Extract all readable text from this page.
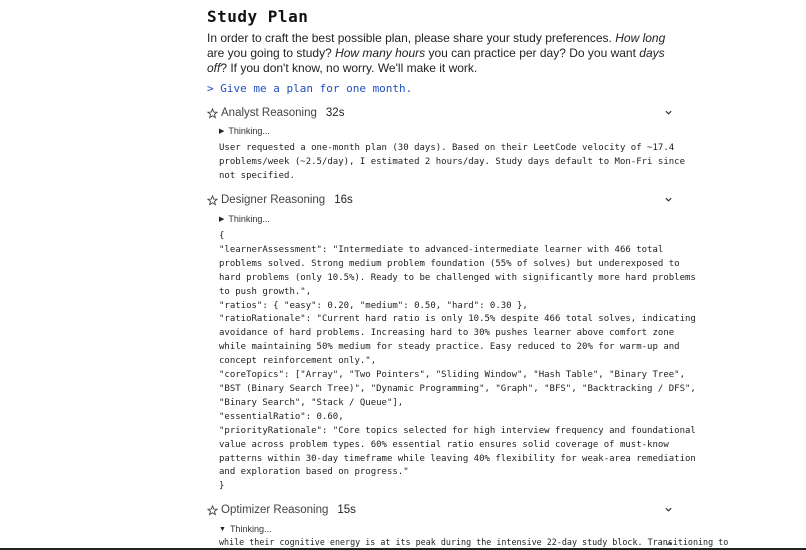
Study Plan
In order to craft the best possible plan, please share your study preferences. How long are you going to study? How many hours you can practice per day? Do you want days off? If you don't know, no worry. We'll make it work.
> Give me a plan for one month.
Analyst Reasoning 32s
▶ Thinking...
User requested a one-month plan (30 days). Based on their LeetCode velocity of ~17.4
problems/week (~2.5/day), I estimated 2 hours/day. Study days default to Mon-Fri since
not specified.
Designer Reasoning 16s
▶ Thinking...
{
"learnerAssessment": "Intermediate to advanced-intermediate learner with 466 total
problems solved. Strong medium problem foundation (55% of solves) but underexposed to
hard problems (only 10.5%). Ready to be challenged with significantly more hard problems
to push growth.",
"ratios": { "easy": 0.20, "medium": 0.50, "hard": 0.30 },
"ratioRationale": "Current hard ratio is only 10.5% despite 466 total solves, indicating
avoidance of hard problems. Increasing hard to 30% pushes learner above comfort zone
while maintaining 50% medium for steady practice. Easy reduced to 20% for warm-up and
concept reinforcement only.",
"coreTopics": ["Array", "Two Pointers", "Sliding Window", "Hash Table", "Binary Tree",
"BST (Binary Search Tree)", "Dynamic Programming", "Graph", "BFS", "Backtracking / DFS",
"Binary Search", "Stack / Queue"],
"essentialRatio": 0.60,
"priorityRationale": "Core topics selected for high interview frequency and foundational
value across problem types. 60% essential ratio ensures solid coverage of must-know
patterns within 30-day timeframe while leaving 40% flexibility for weak-area remediation
and exploration based on progress."
}
Optimizer Reasoning 15s
▼ Thinking...
while their cognitive energy is at its peak during the intensive 22-day study block. Transitioning to
